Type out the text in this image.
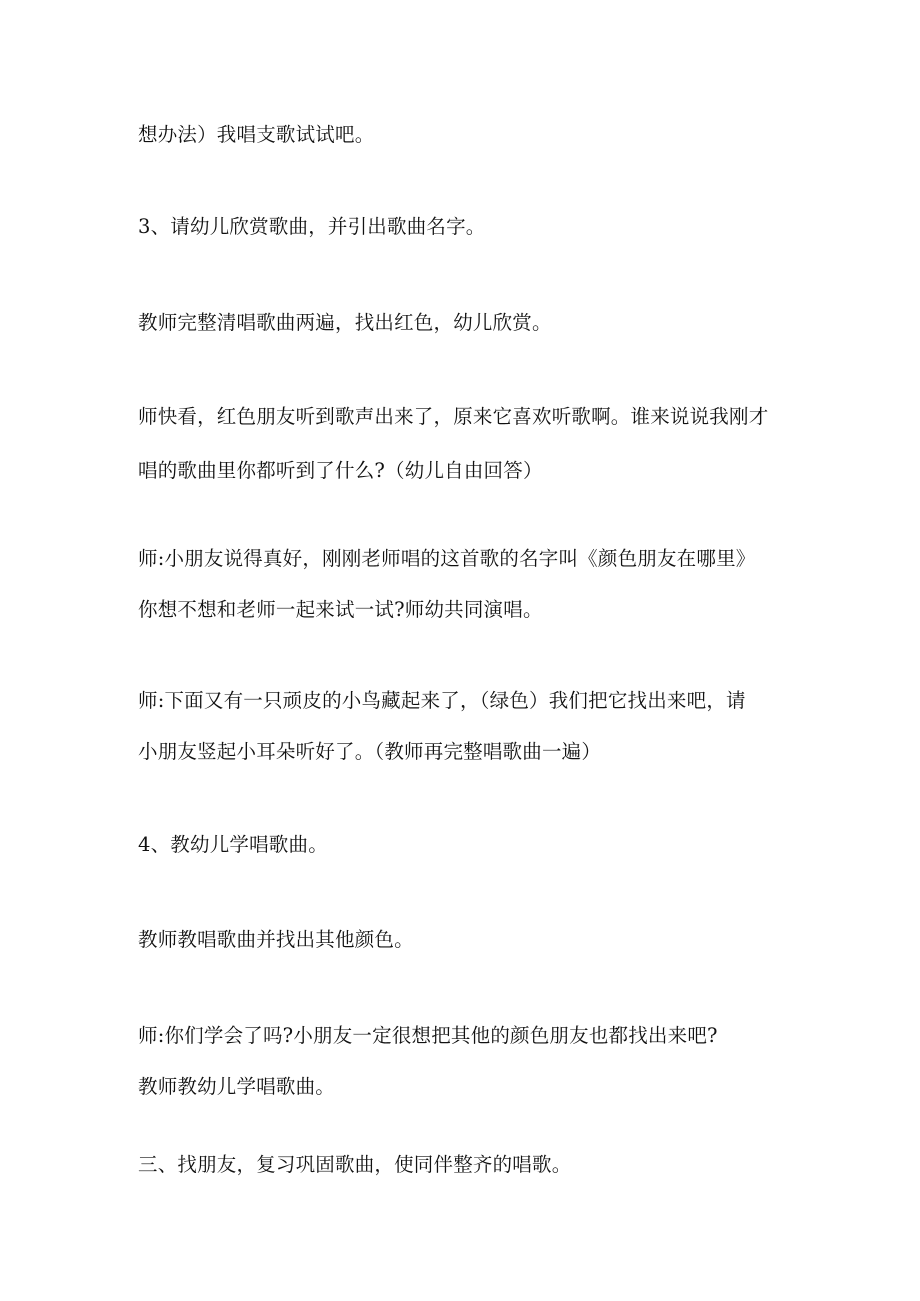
想办法）我唱支歌试试吧。
3、请幼儿欣赏歌曲，并引出歌曲名字。
教师完整清唱歌曲两遍，找出红色，幼儿欣赏。
师快看，红色朋友听到歌声出来了，原来它喜欢听歌啊。谁来说说我刚才
唱的歌曲里你都听到了什么?（幼儿自由回答）
师:小朋友说得真好，刚刚老师唱的这首歌的名字叫《颜色朋友在哪里》
你想不想和老师一起来试一试?师幼共同演唱。
师:下面又有一只顽皮的小鸟藏起来了，（绿色）我们把它找出来吧，请
小朋友竖起小耳朵听好了。（教师再完整唱歌曲一遍）
4、教幼儿学唱歌曲。
教师教唱歌曲并找出其他颜色。
师:你们学会了吗?小朋友一定很想把其他的颜色朋友也都找出来吧?
教师教幼儿学唱歌曲。
三、找朋友，复习巩固歌曲，使同伴整齐的唱歌。
